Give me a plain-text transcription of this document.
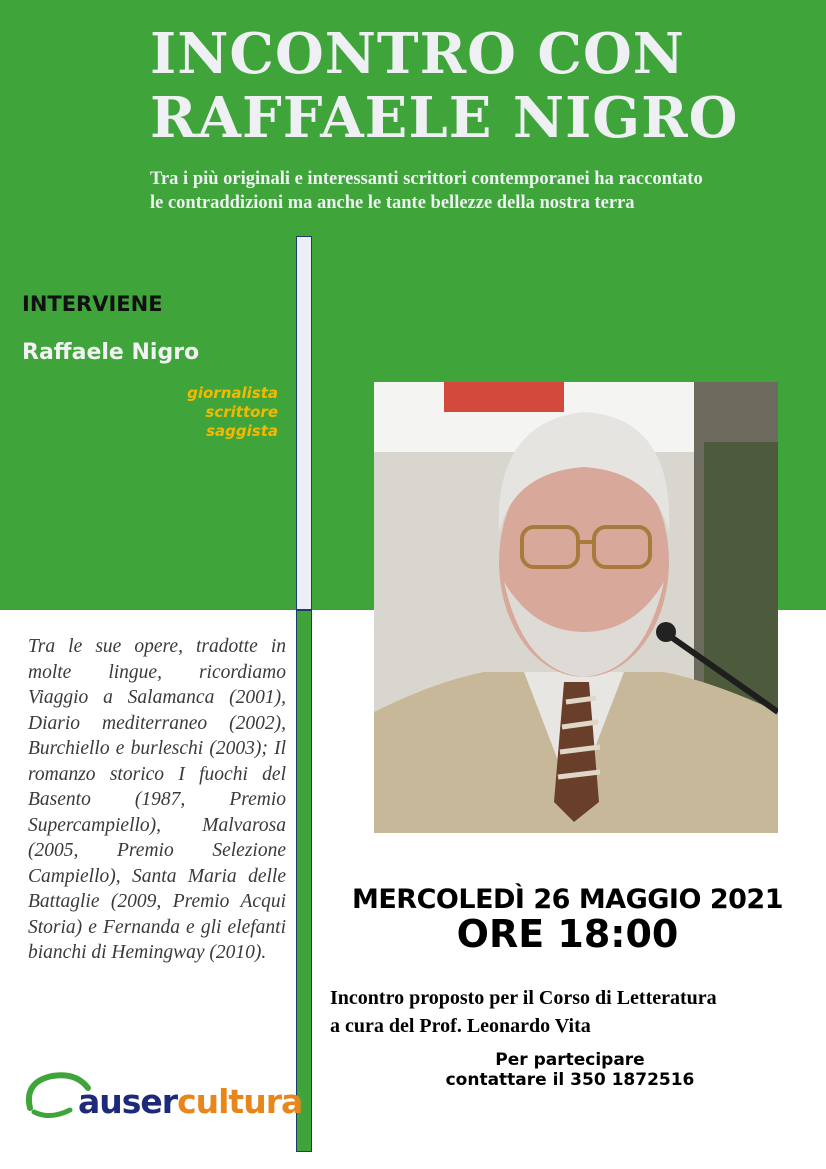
INCONTRO CON
RAFFAELE NIGRO
Tra i più originali e interessanti scrittori contemporanei ha raccontato
le contraddizioni ma anche le tante bellezze della nostra terra
INTERVIENE
Raffaele Nigro
giornalista
scrittore
saggista
Tra le sue opere, tradotte in molte lingue, ricordiamo Viaggio a Salamanca (2001), Diario mediterraneo (2002), Burchiello e burleschi (2003); Il romanzo storico I fuochi del Basento (1987, Premio Supercampiello), Malvarosa (2005, Premio Selezione Campiello), Santa Maria delle Battaglie (2009, Premio Acqui Storia) e Fernanda e gli elefanti bianchi di Hemingway (2010).
MERCOLEDÌ 26 MAGGIO 2021
ORE 18:00
Incontro proposto per il Corso di Letteratura
a cura del Prof. Leonardo Vita
Per partecipare
contattare il 350 1872516
ausercultura
